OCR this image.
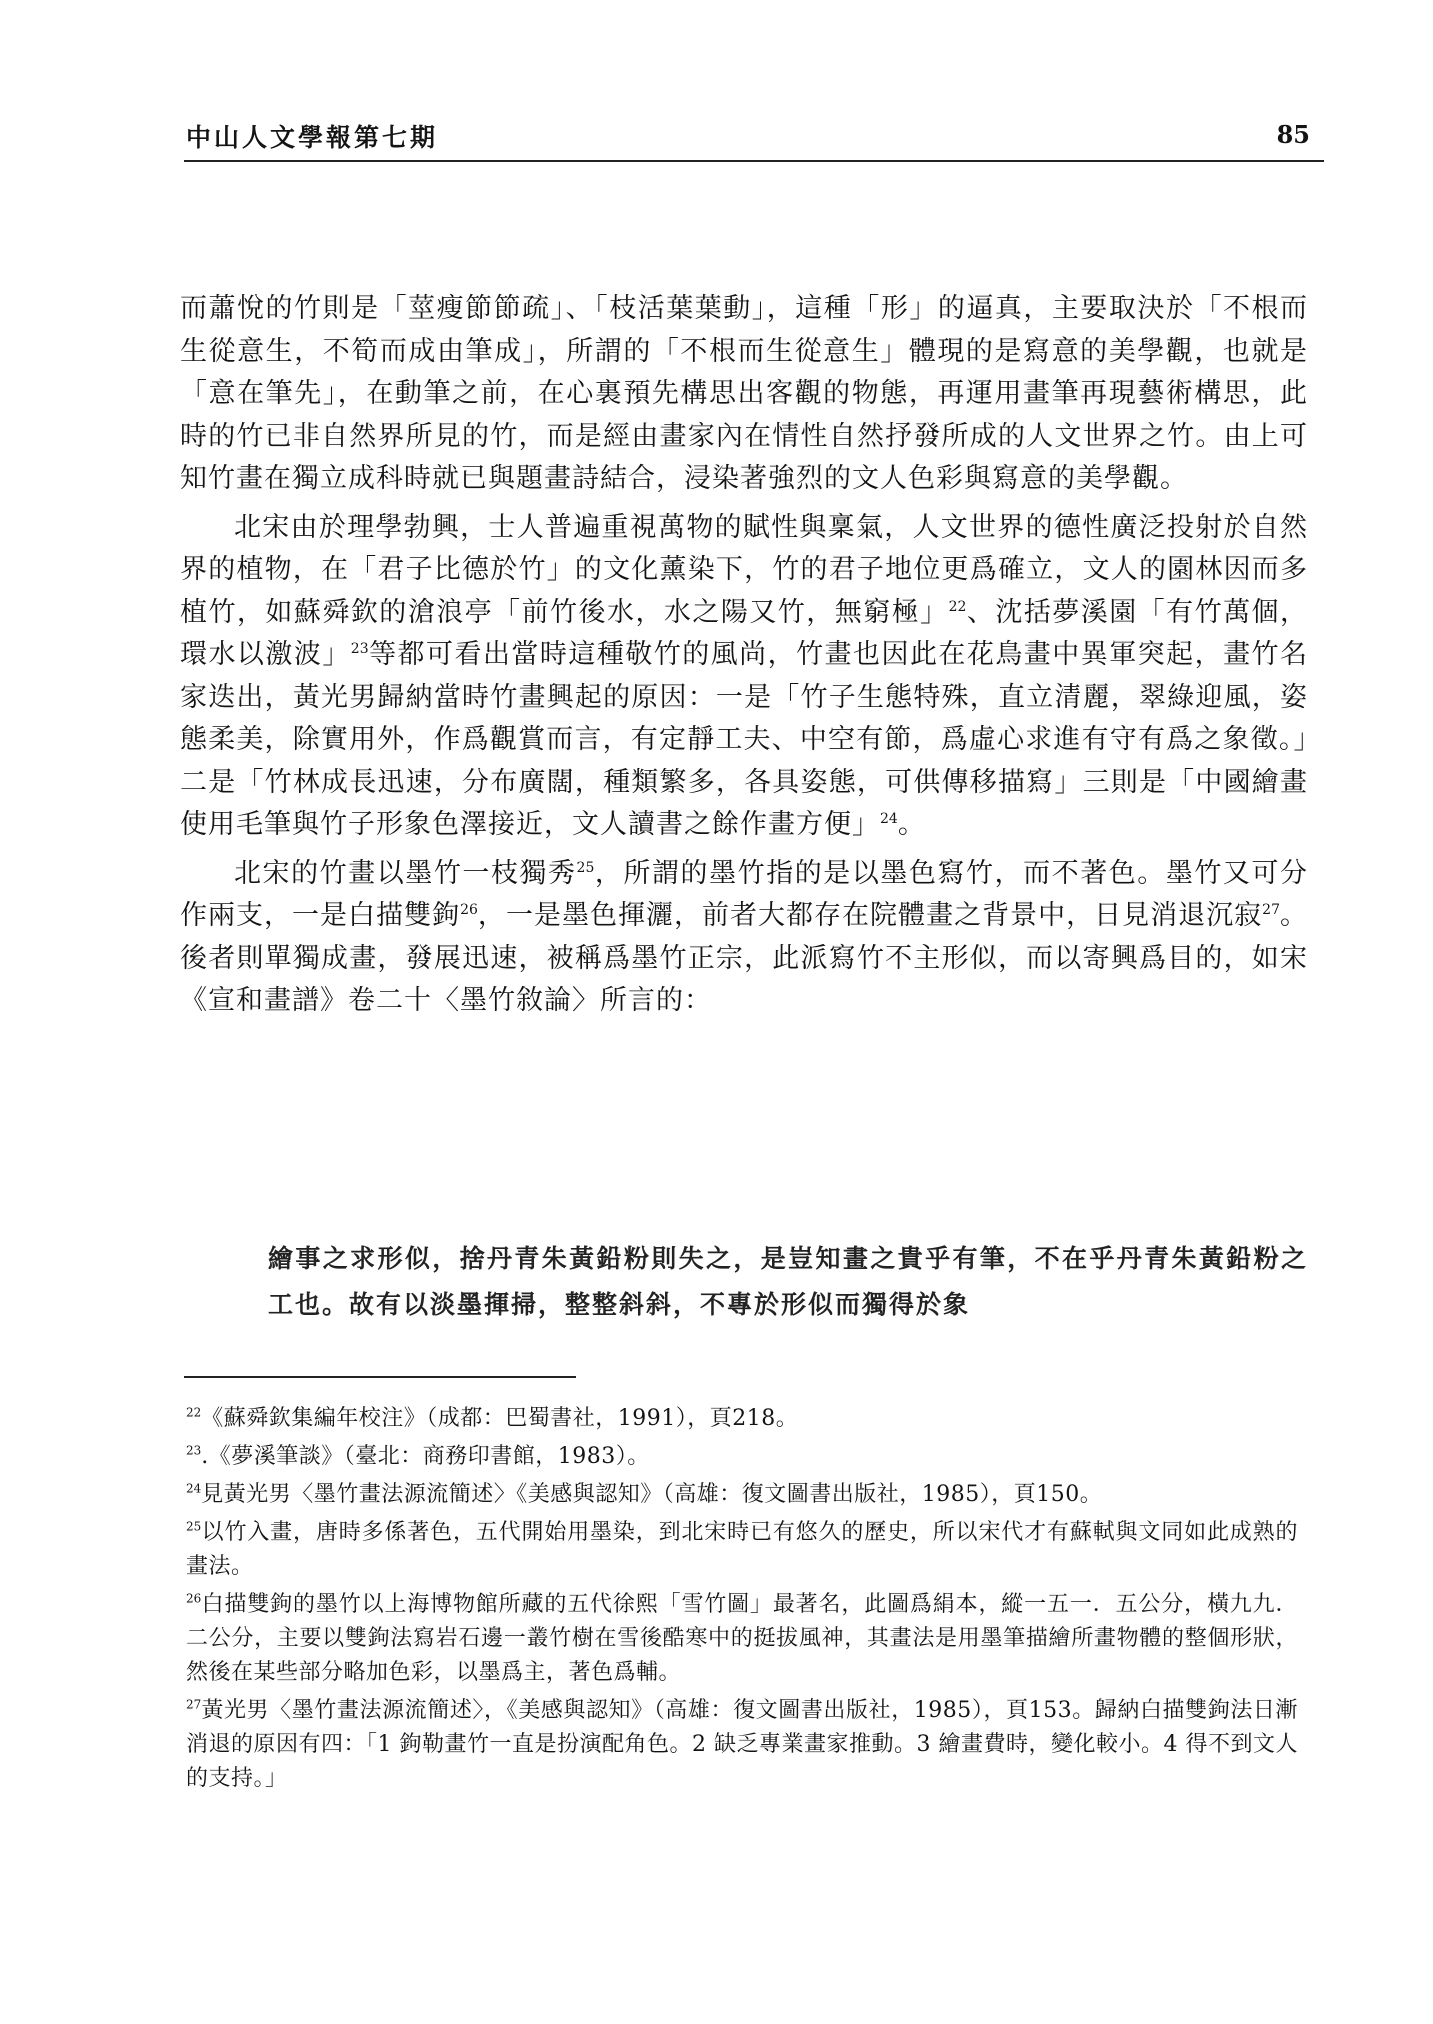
中山人文學報第七期	85

而蕭悅的竹則是「莖瘦節節疏」、「枝活葉葉動」，這種「形」的逼真，主要取決於「不根而生從意生，不筍而成由筆成」，所謂的「不根而生從意生」體現的是寫意的美學觀，也就是「意在筆先」，在動筆之前，在心裏預先構思出客觀的物態，再運用畫筆再現藝術構思，此時的竹已非自然界所見的竹，而是經由畫家內在情性自然抒發所成的人文世界之竹。由上可知竹畫在獨立成科時就已與題畫詩結合，浸染著強烈的文人色彩與寫意的美學觀。

北宋由於理學勃興，士人普遍重視萬物的賦性與稟氣，人文世界的德性廣泛投射於自然界的植物，在「君子比德於竹」的文化薰染下，竹的君子地位更爲確立，文人的園林因而多植竹，如蘇舜欽的滄浪亭「前竹後水，水之陽又竹，無窮極」$^{22}$、沈括夢溪園「有竹萬個，環水以激波」$^{23}$等都可看出當時這種敬竹的風尚，竹畫也因此在花鳥畫中異軍突起，畫竹名家迭出，黃光男歸納當時竹畫興起的原因：一是「竹子生態特殊，直立清麗，翠綠迎風，姿態柔美，除實用外，作爲觀賞而言，有定靜工夫、中空有節，爲虛心求進有守有爲之象徵。」二是「竹林成長迅速，分布廣闊，種類繁多，各具姿態，可供傳移描寫」三則是「中國繪畫使用毛筆與竹子形象色澤接近，文人讀書之餘作畫方便」$^{24}$。

北宋的竹畫以墨竹一枝獨秀$^{25}$，所謂的墨竹指的是以墨色寫竹，而不著色。墨竹又可分作兩支，一是白描雙鉤$^{26}$，一是墨色揮灑，前者大都存在院體畫之背景中，日見消退沉寂$^{27}$。後者則單獨成畫，發展迅速，被稱爲墨竹正宗，此派寫竹不主形似，而以寄興爲目的，如宋《宣和畫譜》卷二十〈墨竹敘論〉所言的：

繪事之求形似，捨丹青朱黃鉛粉則失之，是豈知畫之貴乎有筆，不在乎丹青朱黃鉛粉之工也。故有以淡墨揮掃，整整斜斜，不專於形似而獨得於象

$^{22}$《蘇舜欽集編年校注》（成都：巴蜀書社，1991），頁218。
$^{23}$.《夢溪筆談》（臺北：商務印書館，1983）。
$^{24}$見黃光男〈墨竹畫法源流簡述〉《美感與認知》（高雄：復文圖書出版社，1985），頁150。
$^{25}$以竹入畫，唐時多係著色，五代開始用墨染，到北宋時已有悠久的歷史，所以宋代才有蘇軾與文同如此成熟的畫法。
$^{26}$白描雙鉤的墨竹以上海博物館所藏的五代徐熙「雪竹圖」最著名，此圖爲絹本，縱一五一．五公分，橫九九．二公分，主要以雙鉤法寫岩石邊一叢竹樹在雪後酷寒中的挺拔風神，其畫法是用墨筆描繪所畫物體的整個形狀，然後在某些部分略加色彩，以墨爲主，著色爲輔。
$^{27}$黃光男〈墨竹畫法源流簡述〉，《美感與認知》（高雄：復文圖書出版社，1985），頁153。歸納白描雙鉤法日漸消退的原因有四：「1 鉤勒畫竹一直是扮演配角色。2 缺乏專業畫家推動。3 繪畫費時，變化較小。4 得不到文人的支持。」
